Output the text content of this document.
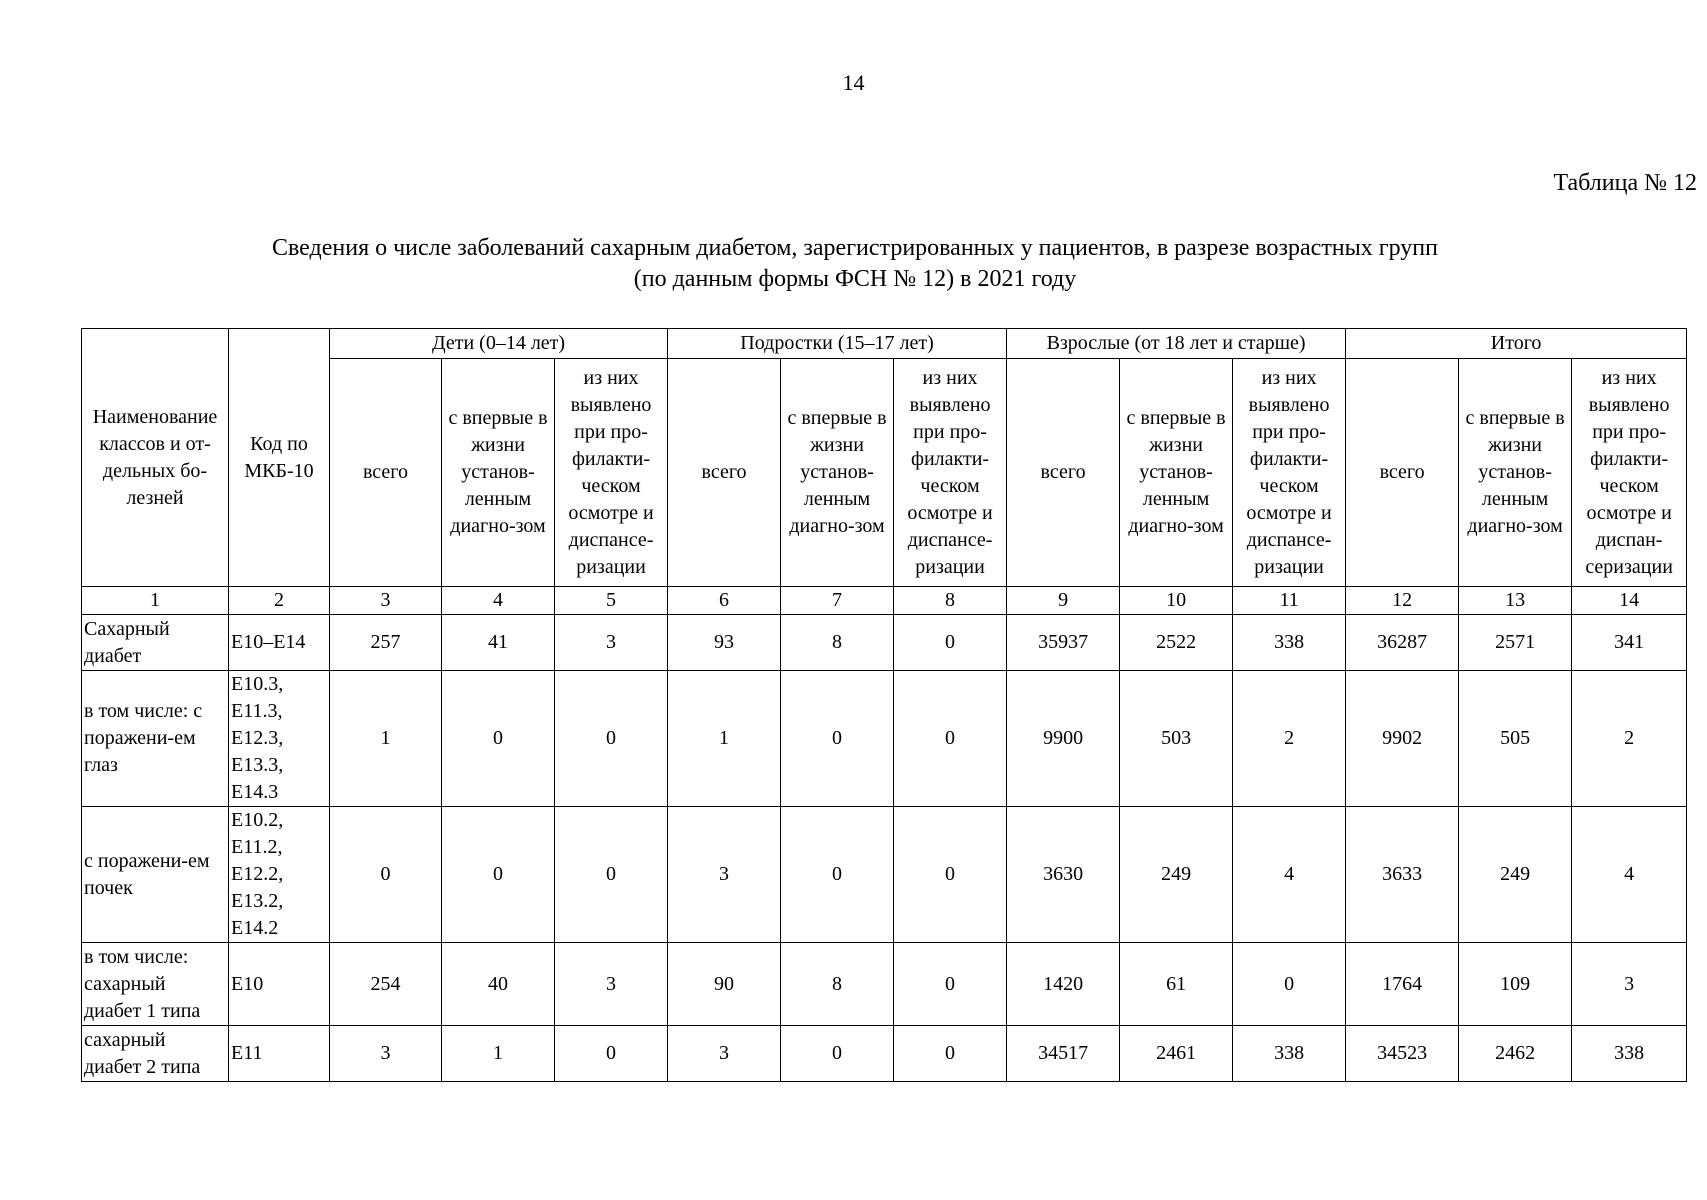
14
Таблица № 12
Сведения о числе заболеваний сахарным диабетом, зарегистрированных у пациентов, в разрезе возрастных групп
(по данным формы ФСН № 12) в 2021 году
Наименование классов и от-дельных бо-лезней	Код по МКБ-10	Дети (0–14 лет)			Подростки (15–17 лет)			Взрослые (от 18 лет и старше)			Итого		
		всего	с впервые в жизни установ-ленным диагно-зом	из них выявлено при про-филакти-ческом осмотре и диспансе-ризации	всего	с впервые в жизни установ-ленным диагно-зом	из них выявлено при про-филакти-ческом осмотре и диспансе-ризации	всего	с впервые в жизни установ-ленным диагно-зом	из них выявлено при про-филакти-ческом осмотре и диспансе-ризации	всего	с впервые в жизни установ-ленным диагно-зом	из них выявлено при про-филакти-ческом осмотре и диспан-серизации
1	2	3	4	5	6	7	8	9	10	11	12	13	14
Сахарный диабет	Е10–Е14	257	41	3	93	8	0	35937	2522	338	36287	2571	341
в том числе: с поражени-ем глаз	Е10.3, Е11.3, Е12.3, Е13.3, Е14.3	1	0	0	1	0	0	9900	503	2	9902	505	2
с поражени-ем почек	Е10.2, Е11.2, Е12.2, Е13.2, Е14.2	0	0	0	3	0	0	3630	249	4	3633	249	4
в том числе: сахарный диабет 1 типа	Е10	254	40	3	90	8	0	1420	61	0	1764	109	3
сахарный диабет 2 типа	Е11	3	1	0	3	0	0	34517	2461	338	34523	2462	338
